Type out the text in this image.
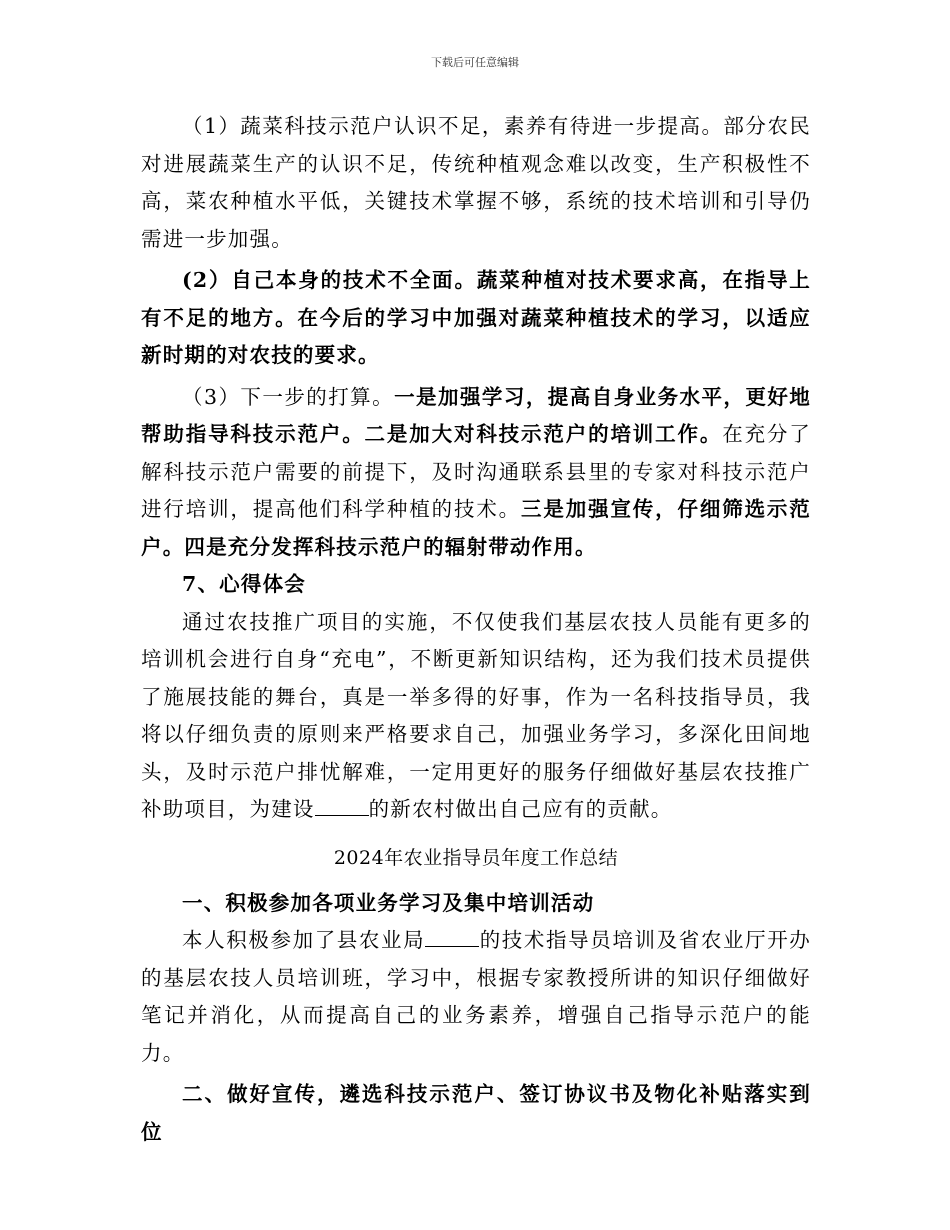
下载后可任意编辑

（1）蔬菜科技示范户认识不足，素养有待进一步提高。部分农民对进展蔬菜生产的认识不足，传统种植观念难以改变，生产积极性不高，菜农种植水平低，关键技术掌握不够，系统的技术培训和引导仍需进一步加强。

(2）自己本身的技术不全面。蔬菜种植对技术要求高，在指导上有不足的地方。在今后的学习中加强对蔬菜种植技术的学习，以适应新时期的对农技的要求。

（3）下一步的打算。一是加强学习，提高自身业务水平，更好地帮助指导科技示范户。二是加大对科技示范户的培训工作。在充分了解科技示范户需要的前提下，及时沟通联系县里的专家对科技示范户进行培训，提高他们科学种植的技术。三是加强宣传，仔细筛选示范户。四是充分发挥科技示范户的辐射带动作用。

7、心得体会

通过农技推广项目的实施，不仅使我们基层农技人员能有更多的培训机会进行自身“充电”，不断更新知识结构，还为我们技术员提供了施展技能的舞台，真是一举多得的好事，作为一名科技指导员，我将以仔细负责的原则来严格要求自己，加强业务学习，多深化田间地头，及时示范户排忧解难，一定用更好的服务仔细做好基层农技推广补助项目，为建设	的新农村做出自己应有的贡献。

2024年农业指导员年度工作总结

一、积极参加各项业务学习及集中培训活动

本人积极参加了县农业局	的技术指导员培训及省农业厅开办的基层农技人员培训班，学习中，根据专家教授所讲的知识仔细做好笔记并消化，从而提高自己的业务素养，增强自己指导示范户的能力。

二、做好宣传，遴选科技示范户、签订协议书及物化补贴落实到位
